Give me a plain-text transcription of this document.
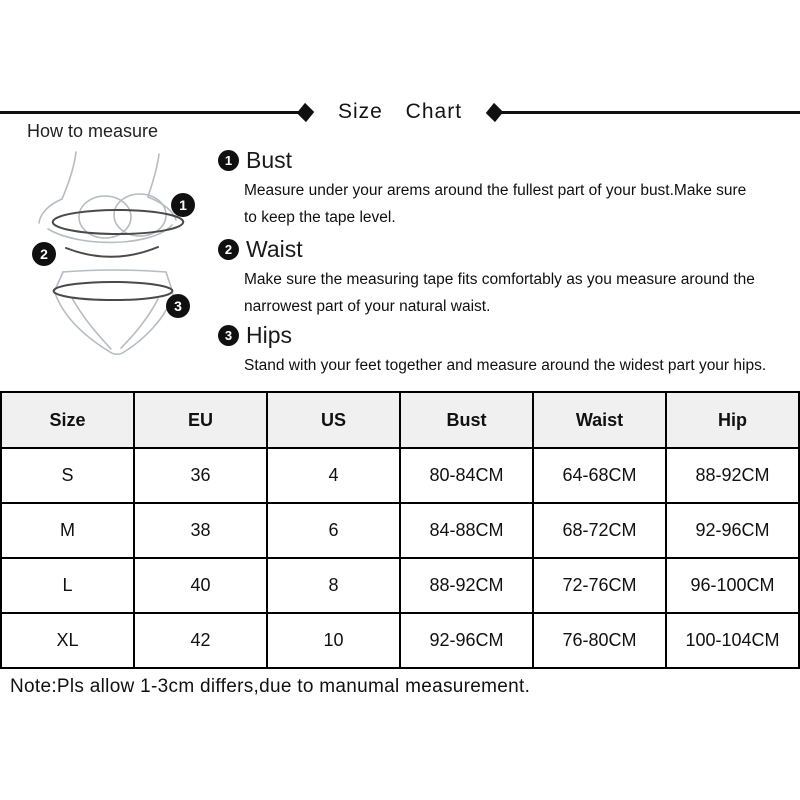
Size Chart
How to measure
1
2
3
1 Bust

Measure under your arems around the fullest part of your bust.Make sure

to keep the tape level.

2 Waist

Make sure the measuring tape fits comfortably as you measure around the

narrowest part of your natural waist.

3 Hips

Stand with your feet together and measure around the widest part your hips.

Size	EU	US	Bust	Waist	Hip
S	36	4	80-84CM	64-68CM	88-92CM
M	38	6	84-88CM	68-72CM	92-96CM
L	40	8	88-92CM	72-76CM	96-100CM
XL	42	10	92-96CM	76-80CM	100-104CM

Note:Pls allow 1-3cm differs,due to manumal measurement.
